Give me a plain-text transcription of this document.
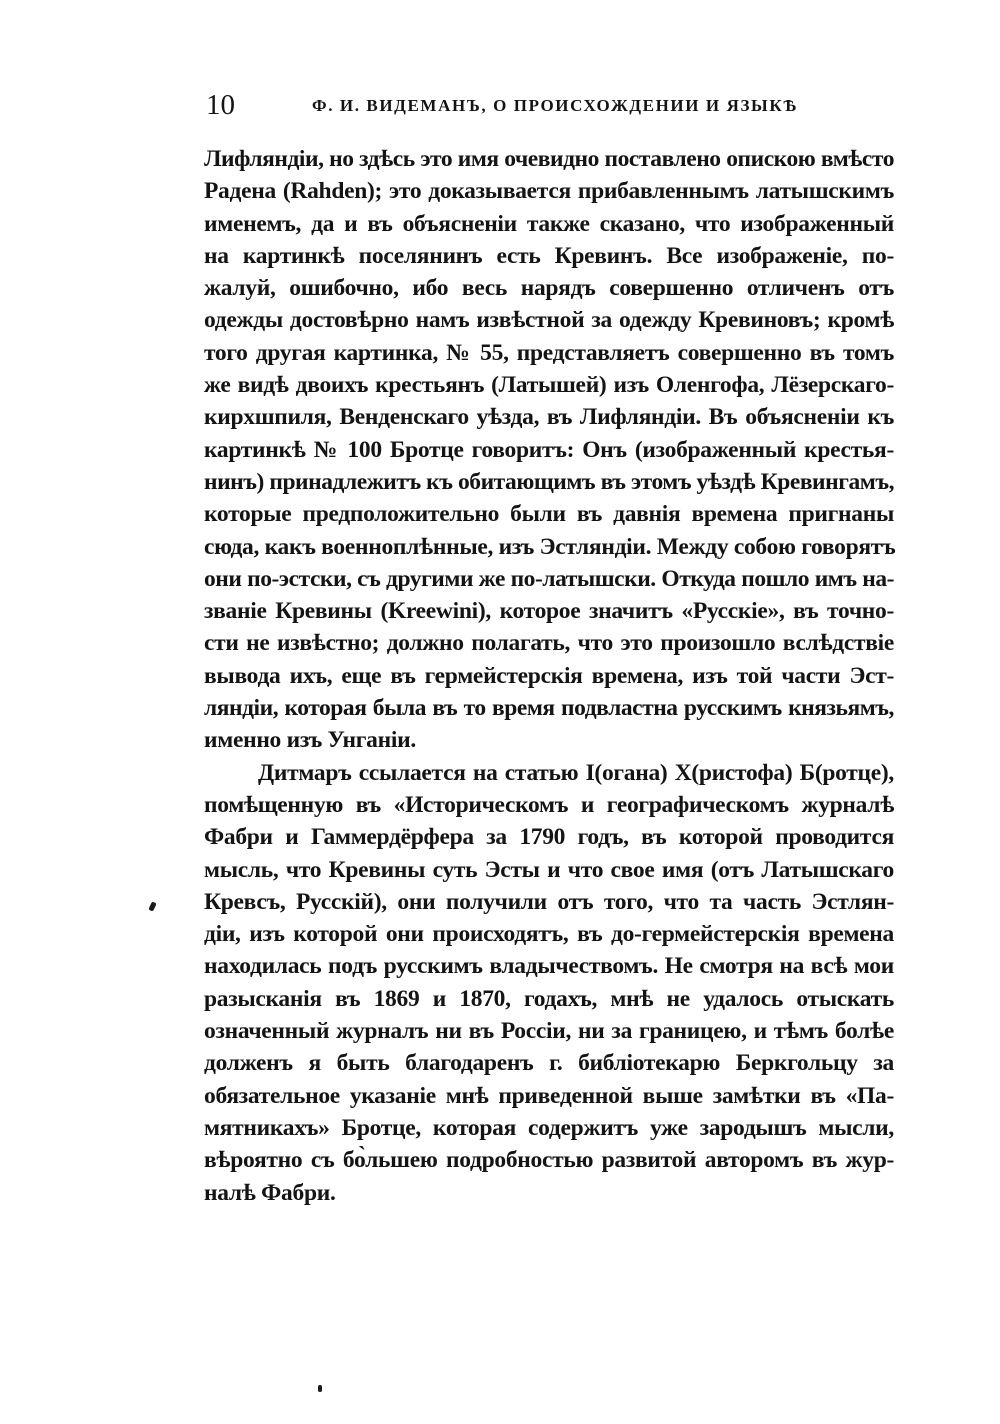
10	Ф. И. ВИДЕМАНЪ, О ПРОИСХОЖДЕНИИ И ЯЗЫКѢ
Лифляндіи, но здѣсь это имя очевидно поставлено опискою вмѣсто
Радена (Rahden); это доказывается прибавленнымъ латышскимъ
именемъ, да и въ объясненіи также сказано, что изображенный
на картинкѣ поселянинъ есть Кревинъ. Все изображеніе, по-
жалуй, ошибочно, ибо весь нарядъ совершенно отличенъ отъ
одежды достовѣрно намъ извѣстной за одежду Кревиновъ; кромѣ
того другая картинка, № 55, представляетъ совершенно въ томъ
же видѣ двоихъ крестьянъ (Латышей) изъ Оленгофа, Лёзерскаго-
кирхшпиля, Венденскаго уѣзда, въ Лифляндіи. Въ объясненіи къ
картинкѣ № 100 Бротце говоритъ: Онъ (изображенный крестья-
нинъ) принадлежитъ къ обитающимъ въ этомъ уѣздѣ Кревингамъ,
которые предположительно были въ давнія времена пригнаны
сюда, какъ военноплѣнные, изъ Эстляндіи. Между собою говорятъ
они по-эстски, съ другими же по-латышски. Откуда пошло имъ на-
званіе Кревины (Kreewini), которое значитъ «Русскіе», въ точно-
сти не извѣстно; должно полагать, что это произошло вслѣдствіе
вывода ихъ, еще въ гермейстерскія времена, изъ той части Эст-
ляндіи, которая была въ то время подвластна русскимъ князьямъ,
именно изъ Унганіи.
Дитмаръ ссылается на статью І(огана) Х(ристофа) Б(ротце),
помѣщенную въ «Историческомъ и географическомъ журналѣ
Фабри и Гаммердёрфера за 1790 годъ, въ которой проводится
мысль, что Кревины суть Эсты и что свое имя (отъ Латышскаго
Кревсъ, Русскій), они получили отъ того, что та часть Эстлян-
діи, изъ которой они происходятъ, въ до-гермейстерскія времена
находилась подъ русскимъ владычествомъ. Не смотря на всѣ мои
разысканія въ 1869 и 1870, годахъ, мнѣ не удалось отыскать
означенный журналъ ни въ Россіи, ни за границею, и тѣмъ болѣе
долженъ я быть благодаренъ г. библіотекарю Беркгольцу за
обязательное указаніе мнѣ приведенной выше замѣтки въ «Па-
мятникахъ» Бротце, которая содержитъ уже зародышъ мысли,
вѣроятно съ бо̀льшею подробностью развитой авторомъ въ жур-
налѣ Фабри.
